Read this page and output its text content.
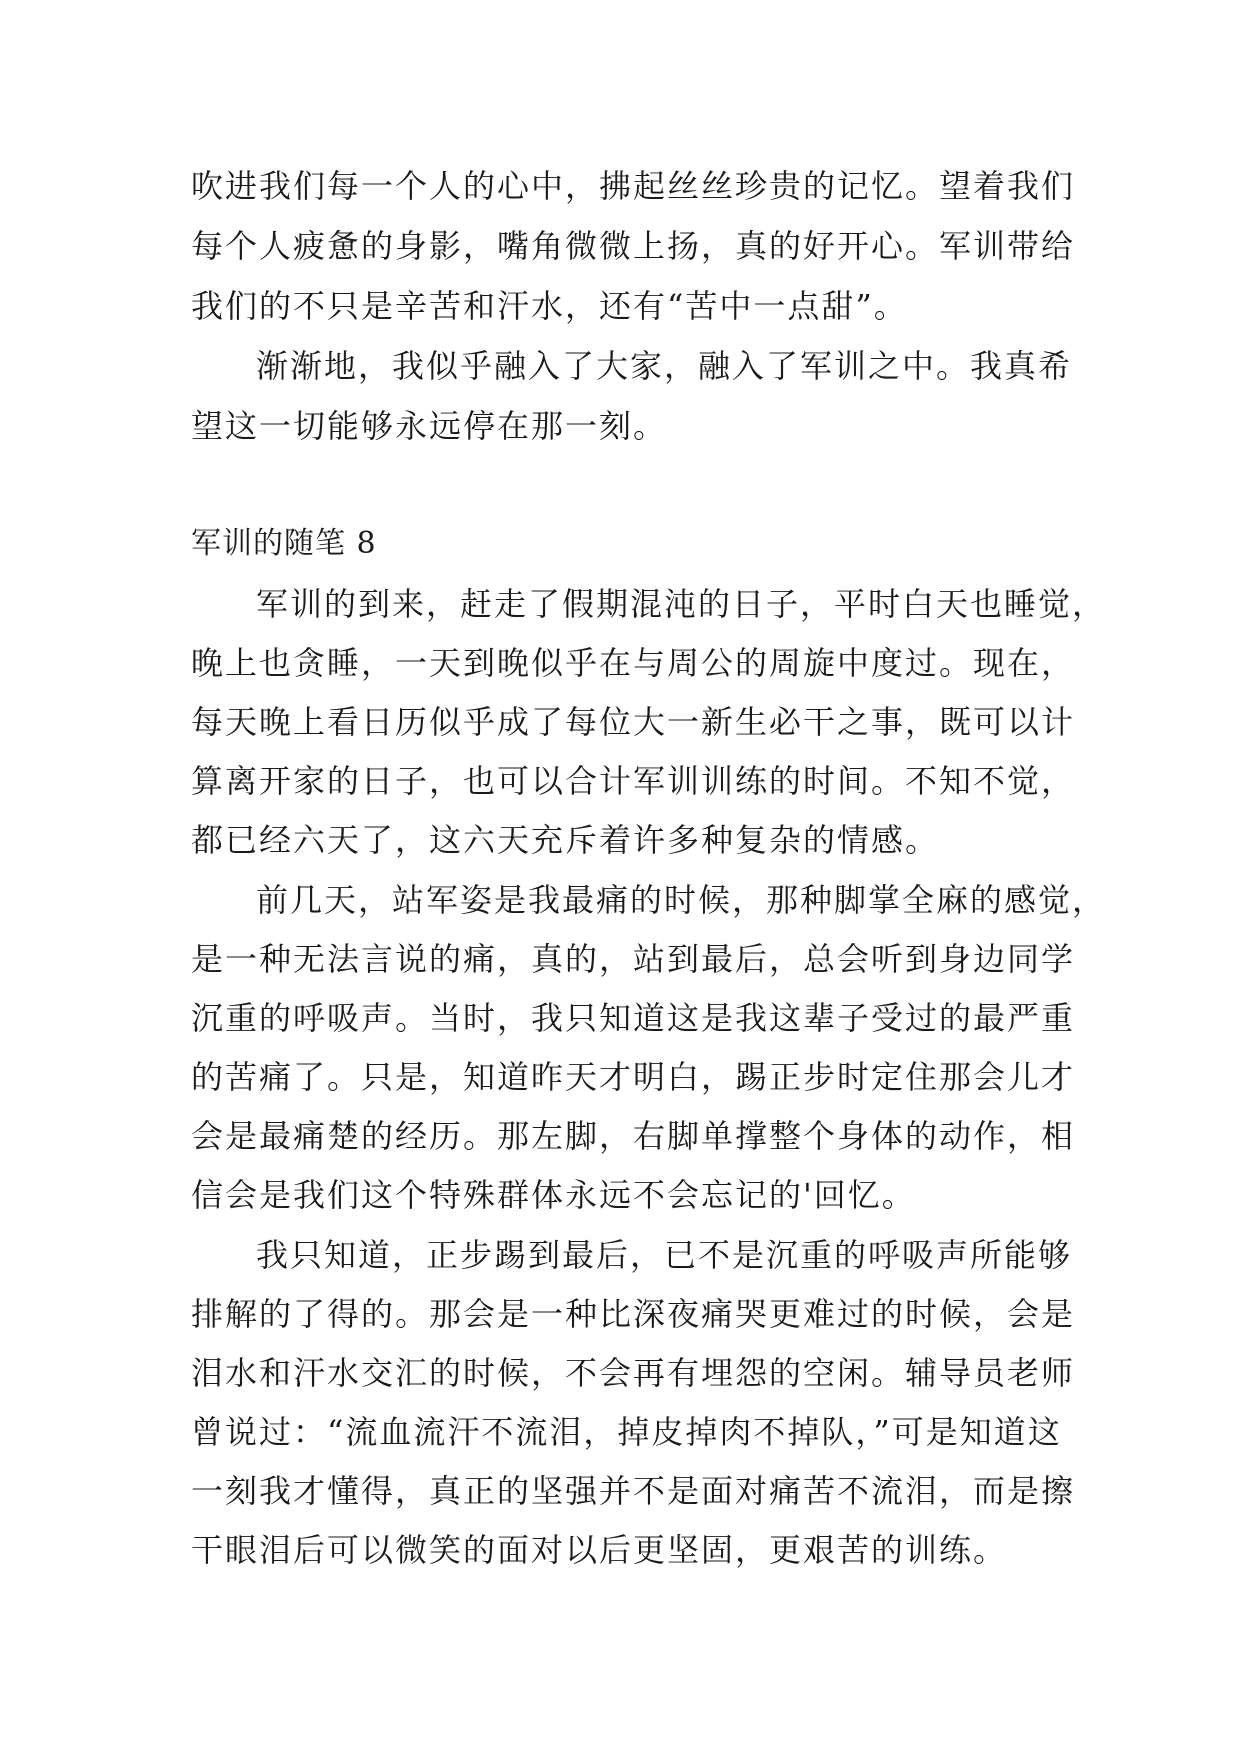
吹进我们每一个人的心中，拂起丝丝珍贵的记忆。望着我们
每个人疲惫的身影，嘴角微微上扬，真的好开心。军训带给
我们的不只是辛苦和汗水，还有“苦中一点甜”。
渐渐地，我似乎融入了大家，融入了军训之中。我真希
望这一切能够永远停在那一刻。
军训的随笔 8
军训的到来，赶走了假期混沌的日子，平时白天也睡觉，
晚上也贪睡，一天到晚似乎在与周公的周旋中度过。现在，
每天晚上看日历似乎成了每位大一新生必干之事，既可以计
算离开家的日子，也可以合计军训训练的时间。不知不觉，
都已经六天了，这六天充斥着许多种复杂的情感。
前几天，站军姿是我最痛的时候，那种脚掌全麻的感觉，
是一种无法言说的痛，真的，站到最后，总会听到身边同学
沉重的呼吸声。当时，我只知道这是我这辈子受过的最严重
的苦痛了。只是，知道昨天才明白，踢正步时定住那会儿才
会是最痛楚的经历。那左脚，右脚单撑整个身体的动作，相
信会是我们这个特殊群体永远不会忘记的'回忆。
我只知道，正步踢到最后，已不是沉重的呼吸声所能够
排解的了得的。那会是一种比深夜痛哭更难过的时候，会是
泪水和汗水交汇的时候，不会再有埋怨的空闲。辅导员老师
曾说过：“流血流汗不流泪，掉皮掉肉不掉队，”可是知道这
一刻我才懂得，真正的坚强并不是面对痛苦不流泪，而是擦
干眼泪后可以微笑的面对以后更坚固，更艰苦的训练。
